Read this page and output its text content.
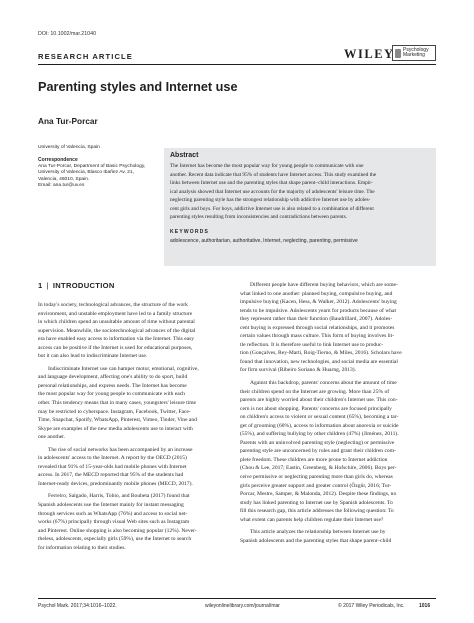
DOI: 10.1002/mar.21040
RESEARCH ARTICLE	WILEY Psychology
Marketing
Parenting styles and Internet use
Ana Tur-Porcar
University of Valencia, Spain
Correspondence
Ana Tur-Porcar, Department of Basic Psychology,
University of Valencia, Blasco Ibañez Av. 21,
Valencia, 46010, Spain.
Email: ana.tur@uv.es
Abstract
The Internet has become the most popular way for young people to communicate with one
another. Recent data indicate that 95% of students have Internet access. This study examined the
links between Internet use and the parenting styles that shape parent–child interactions. Empir-
ical analysis showed that Internet use accounts for the majority of adolescents' leisure time. The
neglecting parenting style has the strongest relationship with addictive Internet use by adoles-
cent girls and boys. For boys, addictive Internet use is also related to a combination of different
parenting styles resulting from inconsistencies and contradictions between parents.
KEYWORDS
adolescence, authoritarian, authoritative, Internet, neglecting, parenting, permissive
1 | INTRODUCTION
In today's society, technological advances, the structure of the work
environment, and unstable employment have led to a family structure
in which children spend an unsuitable amount of time without parental
supervision. Meanwhile, the sociotechnological advances of the digital
era have enabled easy access to information via the Internet. This easy
access can be positive if the Internet is used for educational purposes,
but it can also lead to indiscriminate Internet use.
Indiscriminate Internet use can hamper motor, emotional, cognitive,
and language development, affecting one's ability to do sport, build
personal relationships, and express needs. The Internet has become
the most popular way for young people to communicate with each
other. This tendency means that in many cases, youngsters' leisure time
may be restricted to cyberspace. Instagram, Facebook, Twitter, Face-
Time, Snapchat, Spotify, WhatsApp, Pinterest, Vimeo, Tinder, Vine and
Skype are examples of the new media adolescents use to interact with
one another.
The rise of social networks has been accompanied by an increase
in adolescents' access to the Internet. A report by the OECD (2015)
revealed that 91% of 15-year-olds had mobile phones with Internet
access. In 2017, the MECD reported that 95% of the students had
Internet-ready devices, predominantly mobile phones (MECD, 2017).
Ferreiro, Salgado, Harris, Tobio, and Boubeta (2017) found that
Spanish adolescents use the Internet mainly for instant messaging
through services such as WhatsApp (76%) and access to social net-
works (67%) principally through visual Web sites such as Instagram
and Pinterest. Online shopping is also becoming popular (12%). Never-
theless, adolescents, especially girls (59%), use the Internet to search
for information relating to their studies.
Different people have different buying behaviors, which are some-
what linked to one another: planned buying, compulsive buying, and
impulsive buying (Kacen, Hess, & Walker, 2012). Adolescents' buying
tends to be impulsive. Adolescents yearn for products because of what
they represent rather than their function (Baudrillard, 2007). Adoles-
cent buying is expressed through social relationships, and it promotes
certain values through mass culture. This form of buying involves lit-
tle reflection. It is therefore useful to link Internet use to produc-
tion (Gonçalves, Rey-Marti, Roig-Tierno, & Miles, 2016). Scholars have
found that innovation, new technologies, and social media are essential
for firm survival (Ribeiro Soriano & Huarng, 2013).
Against this backdrop, parents' concerns about the amount of time
their children spend on the Internet are growing. More than 25% of
parents are highly worried about their children's Internet use. This con-
cern is not about shopping. Parents' concerns are focused principally
on children's access to violent or sexual content (65%), becoming a tar-
get of grooming (60%), access to information about anorexia or suicide
(55%), and suffering bullying by other children (47%) (Jiménez, 2011).
Parents with an uninvolved parenting style (neglecting) or permissive
parenting style are unconcerned by rules and grant their children com-
plete freedom. These children are more prone to Internet addiction
(Chou & Lee, 2017; Eastin, Greenberg, & Hofschire, 2006). Boys per-
ceive permissive or neglecting parenting more than girls do, whereas
girls perceive greater support and greater control (Özgür, 2016; Tur-
Porcar, Mestre, Samper, & Malonda, 2012). Despite these findings, no
study has linked parenting to Internet use by Spanish adolescents. To
fill this research gap, this article addresses the following question: To
what extent can parents help children regulate their Internet use?
This article analyzes the relationship between Internet use by
Spanish adolescents and the parenting styles that shape parent–child
Psychol Mark. 2017;34:1016–1022.	wileyonlinelibrary.com/journal/mar	© 2017 Wiley Periodicals, Inc.	1016
